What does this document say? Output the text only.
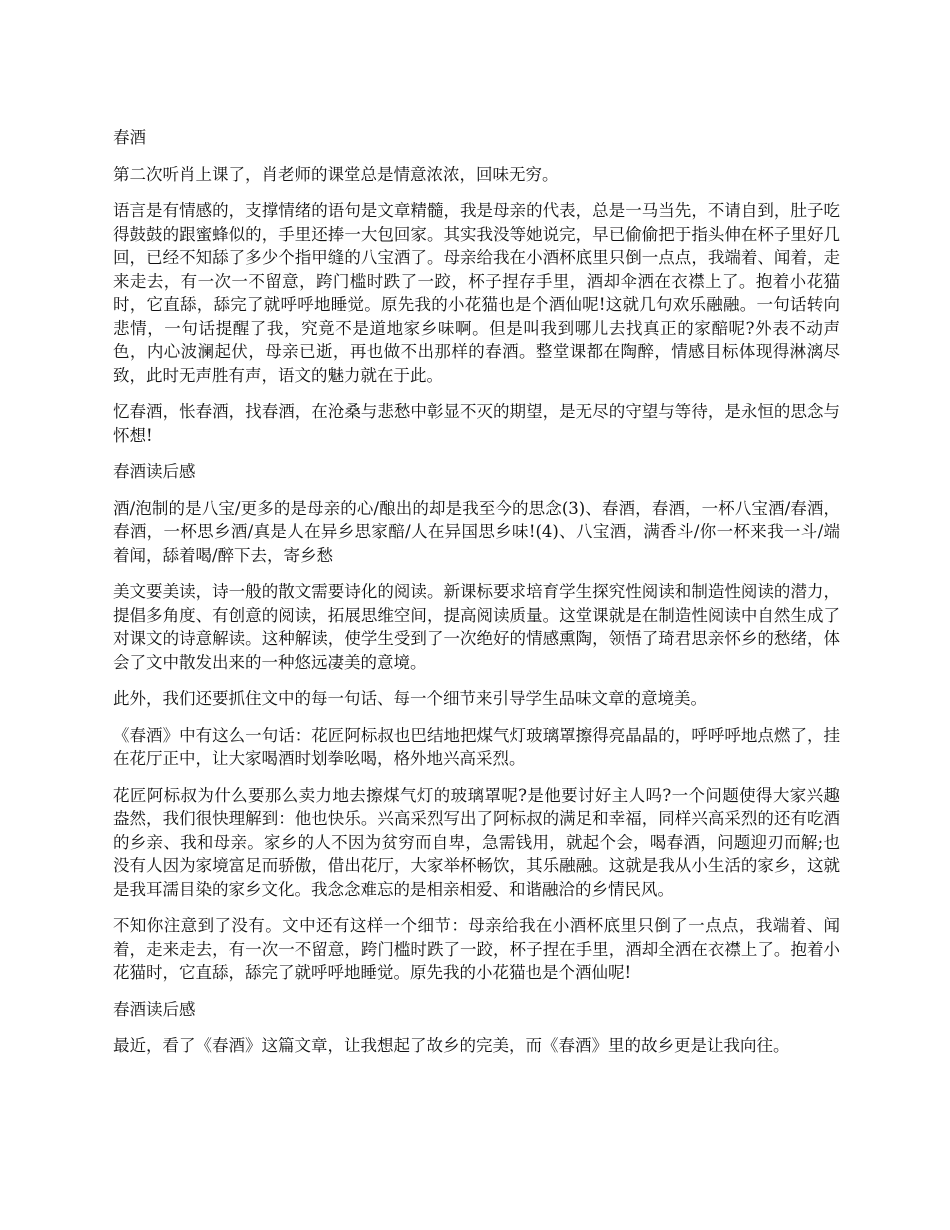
春酒

第二次听肖上课了，肖老师的课堂总是情意浓浓，回味无穷。

语言是有情感的，支撑情绪的语句是文章精髓，我是母亲的代表，总是一马当先，不请自到，肚子吃得鼓鼓的跟蜜蜂似的，手里还捧一大包回家。其实我没等她说完，早已偷偷把于指头伸在杯子里好几回，已经不知舔了多少个指甲缝的八宝酒了。母亲给我在小酒杯底里只倒一点点，我端着、闻着，走来走去，有一次一不留意，跨门槛时跌了一跤，杯子捏存手里，酒却伞洒在衣襟上了。抱着小花猫时，它直舔，舔完了就呼呼地睡觉。原先我的小花猫也是个酒仙呢!这就几句欢乐融融。一句话转向悲情，一句话提醒了我，究竟不是道地家乡味啊。但是叫我到哪儿去找真正的家醅呢?外表不动声色，内心波澜起伏，母亲已逝，再也做不出那样的春酒。整堂课都在陶醉，情感目标体现得淋漓尽致，此时无声胜有声，语文的魅力就在于此。

忆春酒，怅春酒，找春酒，在沧桑与悲愁中彰显不灭的期望，是无尽的守望与等待，是永恒的思念与怀想!

春酒读后感

酒/泡制的是八宝/更多的是母亲的心/酿出的却是我至今的思念(3)、春酒，春酒，一杯八宝酒/春酒，春酒，一杯思乡酒/真是人在异乡思家醅/人在异国思乡味!(4)、八宝酒，满香斗/你一杯来我一斗/端着闻，舔着喝/醉下去，寄乡愁

美文要美读，诗一般的散文需要诗化的阅读。新课标要求培育学生探究性阅读和制造性阅读的潜力，提倡多角度、有创意的阅读，拓展思维空间，提高阅读质量。这堂课就是在制造性阅读中自然生成了对课文的诗意解读。这种解读，使学生受到了一次绝好的情感熏陶，领悟了琦君思亲怀乡的愁绪，体会了文中散发出来的一种悠远凄美的意境。

此外，我们还要抓住文中的每一句话、每一个细节来引导学生品味文章的意境美。

《春酒》中有这么一句话：花匠阿标叔也巴结地把煤气灯玻璃罩擦得亮晶晶的，呼呼呼地点燃了，挂在花厅正中，让大家喝酒时划拳吆喝，格外地兴高采烈。

花匠阿标叔为什么要那么卖力地去擦煤气灯的玻璃罩呢?是他要讨好主人吗?一个问题使得大家兴趣盎然，我们很快理解到：他也快乐。兴高采烈写出了阿标叔的满足和幸福，同样兴高采烈的还有吃酒的乡亲、我和母亲。家乡的人不因为贫穷而自卑，急需钱用，就起个会，喝春酒，问题迎刃而解;也没有人因为家境富足而骄傲，借出花厅，大家举杯畅饮，其乐融融。这就是我从小生活的家乡，这就是我耳濡目染的家乡文化。我念念难忘的是相亲相爱、和谐融洽的乡情民风。

不知你注意到了没有。文中还有这样一个细节：母亲给我在小酒杯底里只倒了一点点，我端着、闻着，走来走去，有一次一不留意，跨门槛时跌了一跤，杯子捏在手里，酒却全洒在衣襟上了。抱着小花猫时，它直舔，舔完了就呼呼地睡觉。原先我的小花猫也是个酒仙呢!

春酒读后感

最近，看了《春酒》这篇文章，让我想起了故乡的完美，而《春酒》里的故乡更是让我向往。
